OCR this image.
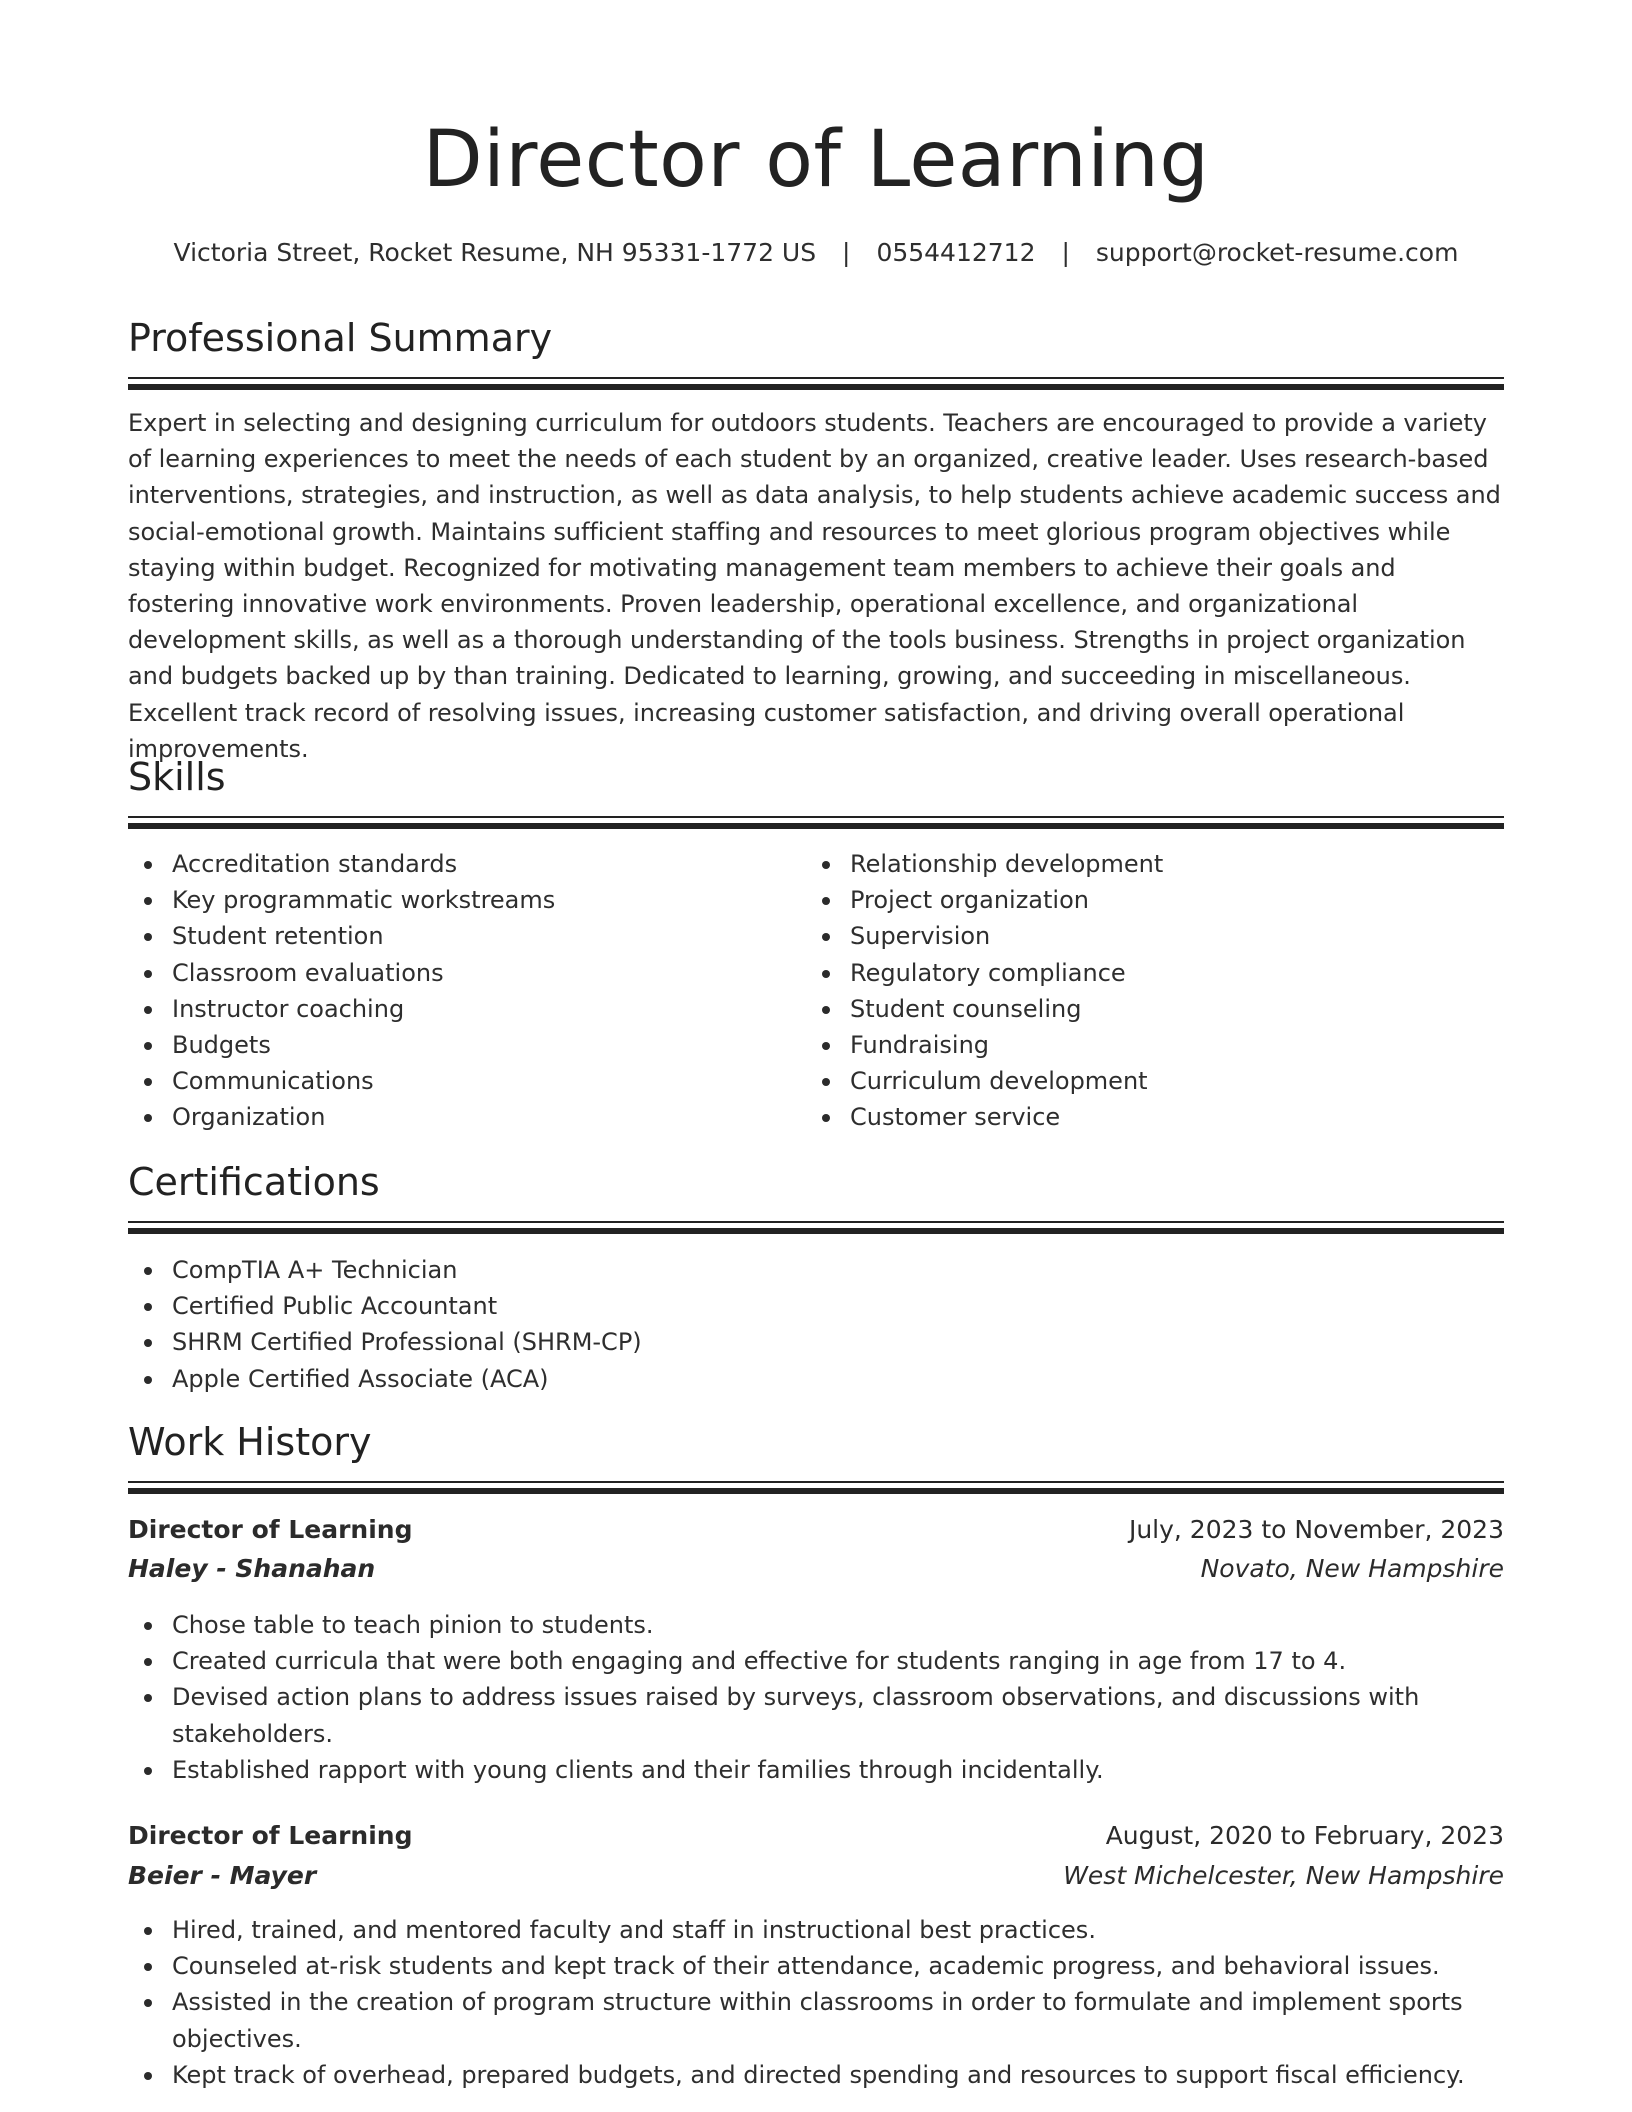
Director of Learning
Victoria Street, Rocket Resume, NH 95331-1772 US | 0554412712 | support@rocket-resume.com
Professional Summary

Expert in selecting and designing curriculum for outdoors students. Teachers are encouraged to provide a variety of learning experiences to meet the needs of each student by an organized, creative leader. Uses research-based interventions, strategies, and instruction, as well as data analysis, to help students achieve academic success and social-emotional growth. Maintains sufficient staffing and resources to meet glorious program objectives while staying within budget. Recognized for motivating management team members to achieve their goals and fostering innovative work environments. Proven leadership, operational excellence, and organizational development skills, as well as a thorough understanding of the tools business. Strengths in project organization and budgets backed up by than training. Dedicated to learning, growing, and succeeding in miscellaneous. Excellent track record of resolving issues, increasing customer satisfaction, and driving overall operational improvements.

Skills
Accreditation standards
Key programmatic workstreams
Student retention
Classroom evaluations
Instructor coaching
Budgets
Communications
Organization
Relationship development
Project organization
Supervision
Regulatory compliance
Student counseling
Fundraising
Curriculum development
Customer service
Certifications
CompTIA A+ Technician
Certified Public Accountant
SHRM Certified Professional (SHRM-CP)
Apple Certified Associate (ACA)
Work History
Director of Learning	July, 2023 to November, 2023
Haley - Shanahan	Novato, New Hampshire
Chose table to teach pinion to students.
Created curricula that were both engaging and effective for students ranging in age from 17 to 4.
Devised action plans to address issues raised by surveys, classroom observations, and discussions with stakeholders.
Established rapport with young clients and their families through incidentally.
Director of Learning	August, 2020 to February, 2023
Beier - Mayer	West Michelcester, New Hampshire
Hired, trained, and mentored faculty and staff in instructional best practices.
Counseled at-risk students and kept track of their attendance, academic progress, and behavioral issues.
Assisted in the creation of program structure within classrooms in order to formulate and implement sports objectives.
Kept track of overhead, prepared budgets, and directed spending and resources to support fiscal efficiency.
